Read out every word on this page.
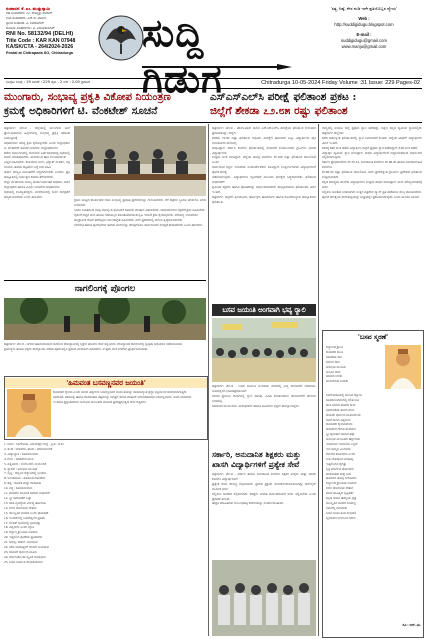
ಸಂಪಾದಕ: ಕೆ. ಎಂ. ಮುತ್ತುಸ್ವಾಮಿ
ಸಹ ಸಂಪಾದಕರು: ಎಂ. ಸೌಮ್ಯಶ್ರೀ ಕುಮಾರ್
ಉಪ ಸಂಪಾದಕರು: ಎನ್.ಬಿ. ಪಾಟೀಲ
ಸ್ಥಾನಿಕ ಸಂಪಾದಕ: ವಿ. ಶಿವಕುಮಾರ್
ಕಾನೂನು ಸಲಹೆಗಾರರು: ವಿ. ವಿಜಯಕುಮಾರ್
RNI No. 58132/94 (DELHI)
Title Code : KAR KAN 07948
KA/SK/CTA - 264/2024-2026
Postal at Chitrapada SO, Chitradurga	ಸುದ್ದಿ ಗಿಡುಗ
'ಸತ್ಯ, ನಿಷ್ಠೆ, ನೇರ ನುಡಿ ಇದೇ ಪ್ರತಿಯೊಬ್ಬರ ಧ್ಯೇಯ'
Web :
http://suddigidugu.blogspot.com
E-mail :
suddigidugu@gmail.com
www.manju@gmail.com
ಸಂಪುಟ ಸಂಖ್ಯೆ : 19 ಸಂಚಿಕೆ : 229 ಪುಟ : 2 ಬೆಲೆ : 2.00 ಪ್ರಕಟಣೆ	Chitradurga 10-05-2024 Friday Volume :31 Issue: 229 Pages-02
ಮುಂಗಾರು, ಸಂಭಾವ್ಯ ಪ್ರಕೃತಿ ವಿಕೋಪ ನಿಯಂತ್ರಣ
ಕ್ರಮಕ್ಕೆ ಅಧಿಕಾರಿಗಳಿಗೆ ಟಿ. ವೆಂಕಟೇಶ್ ಸೂಚನೆ
ಎಸ್‌ಎಸ್‌ಎಲ್‌ಸಿ ಪರೀಕ್ಷೆ ಫಲಿತಾಂಶ ಪ್ರಕಟ :
ಜಿಲ್ಲೆಗೆ ಶೇಕಡಾ ೭೨.೮೫ ರಷ್ಟು ಫಲಿತಾಂಶ
ಚಿತ್ರದುರ್ಗ: ಮೇ.9 - ಜಿಲ್ಲೆಯಲ್ಲಿ ಮುಂಗಾರು ಮಳೆ ಪ್ರಾರಂಭವಾಗುವ ಹಿನ್ನೆಲೆಯಲ್ಲಿ ಸಂಭಾವ್ಯ ಪ್ರಕೃತಿ ವಿಕೋಪ ನಿಯಂತ್ರಣಕ್ಕೆ
ಅಧಿಕಾರಿಗಳು ಅಗತ್ಯ ಕ್ರಮ ಕೈಗೊಳ್ಳಬೇಕು ಎಂದು ಜಿಲ್ಲಾಧಿಕಾರಿ ಟಿ. ವೆಂಕಟೇಶ್ ಸೂಚನೆ ನೀಡಿದರು. ಜಿಲ್ಲಾಧಿಕಾರಿಗಳ
ಕಚೇರಿ ಸಭಾಂಗಣದಲ್ಲಿ ಗುರುವಾರ ಏರ್ಪಡಿಸಲಾಗಿದ್ದ ಸಭೆಯಲ್ಲಿ ಅವರು ಮಾತನಾಡಿದರು. ಮಳೆಯಿಂದ ಹಾನಿ ಉಂಟಾಗದಂತೆ
ಎಚ್ಚರ ವಹಿಸಬೇಕು. ಕುಡಿಯುವ ನೀರು, ವಿದ್ಯುತ್ ಸಂಪರ್ಕ, ರಸ್ತೆ ಸಂಚಾರ, ಹಳೆಯ ಕಟ್ಟಡಗಳ ಬಗ್ಗೆ ನಿಗಾ ವಹಿಸಿ
ತುರ್ತು ಪರಿಸ್ಥಿತಿ ನಿರ್ವಹಣೆಗೆ ಸಿದ್ಧರಾಗಿರಬೇಕು ಎಂದರು. ಪ್ರತಿ ತಾಲ್ಲೂಕಿನಲ್ಲಿ ನಿಯಂತ್ರಣ ಕೊಠಡಿ ತೆರೆಯಬೇಕು.
ಜಿಲ್ಲಾ ಪಂಚಾಯಿತಿ ಮುಖ್ಯ ಕಾರ್ಯನಿರ್ವಾಹಕ ಅಧಿಕಾರಿ, ಅಪರ ಜಿಲ್ಲಾಧಿಕಾರಿ ಹಾಗೂ ವಿವಿಧ ಇಲಾಖೆಗಳ ಅಧಿಕಾರಿಗಳು
ಸಭೆಯಲ್ಲಿ ಉಪಸ್ಥಿತರಿದ್ದರು. ಮಳೆಗಾಲದಲ್ಲಿ ಜನರ ಸುರಕ್ಷತೆಗೆ ಆದ್ಯತೆ ನೀಡಬೇಕು ಎಂದು ತಿಳಿಸಿದರು.
ಗ್ರಾಮ ಮಟ್ಟದ ಕಾರ್ಯಪಡೆ ರಚಿಸಿ ಸಂಭಾವ್ಯ ಪ್ರವಾಹ ಪ್ರದೇಶಗಳನ್ನು ಗುರುತಿಸಬೇಕು. ಕೆರೆ ಕಟ್ಟೆಗಳ ಸ್ಥಿತಿಗತಿ ಪರಿಶೀಲಿಸಿ ವರದಿ ನೀಡಬೇಕು.
ಸಿಡಿಲು ಬಡಿತದಿಂದ ಸಾವು ನೋವು ಸಂಭವಿಸಿದರೆ ಕೂಡಲೇ ಪರಿಹಾರ ವಿತರಿಸಬೇಕು. ಜಾನುವಾರುಗಳ ರಕ್ಷಣೆಗೆ ಕ್ರಮ ವಹಿಸಬೇಕು.
ರೈತರಿಗೆ ಬಿತ್ತನೆ ಬೀಜ ಹಾಗೂ ರಸಗೊಬ್ಬರ ಕೊರತೆಯಾಗದಂತೆ ಕೃಷಿ ಇಲಾಖೆ ಕ್ರಮ ಕೈಗೊಳ್ಳಬೇಕು. ಆರೋಗ್ಯ ಇಲಾಖೆಯು
ಸಾಂಕ್ರಾಮಿಕ ರೋಗ ತಡೆಗಟ್ಟಲು ಮುಂಜಾಗ್ರತೆ ವಹಿಸಬೇಕು. ನಗರ ಪ್ರದೇಶದಲ್ಲಿ ಚರಂಡಿ ಸ್ವಚ್ಛಗೊಳಿಸಬೇಕು.
ನಗರಸಭೆ ಹಾಗೂ ಪುರಸಭೆಗಳು ಹಳೆಯ ಮರಗಳನ್ನು ತೆರವುಗೊಳಿಸಿ ಸಾರ್ವಜನಿಕರ ಸುರಕ್ಷತೆ ಕಾಪಾಡಬೇಕು ಎಂದು ಹೇಳಿದರು.
ನಾಗಲಿಂಗಕ್ಕೆ ಪೊಂಗಲ
ಚಿತ್ರದುರ್ಗ: ಮೇ.9 - ನಗರದ ಹೊರವಲಯದ ನಾಗಲಿಂಗ ದೇವಸ್ಥಾನದಲ್ಲಿ ಭಕ್ತರು ಪೊಂಗಲ ಸೇವೆ ಸಲ್ಲಿಸಿದರು. ದೇವಸ್ಥಾನದ ಆವರಣದಲ್ಲಿ ಸ್ವಚ್ಛತಾ ಅಭಿಯಾನ ನಡೆಸಲಾಯಿತು.
ಗ್ರಾಮಸ್ಥರು ಹಾಗೂ ಭಕ್ತರು ಪಾಲ್ಗೊಂಡು ವಿಶೇಷ ಪೂಜೆ ಸಲ್ಲಿಸಿ ಪ್ರಸಾದ ವಿನಿಯೋಗ ಮಾಡಿದರು. ಉತ್ತಮ ಮಳೆ ಬೆಳೆಗಾಗಿ ಪ್ರಾರ್ಥಿಸಲಾಯಿತು.
'ಹಿಮವಂತ ಬಸವಣ್ಣನವರ ಜಯಂತಿ'
ಕಾಯಕವೇ ಕೈಲಾಸ ಎಂದು ಸಾರಿದ ವಿಶ್ವಗುರು ಬಸವಣ್ಣನವರ ಜಯಂತಿಯನ್ನು ನಾಡಿನಾದ್ಯಂತ ಶ್ರದ್ಧಾ ಭಕ್ತಿಯಿಂದ ಆಚರಿಸಲಾಗುತ್ತಿದೆ.
ಸಮಾನತೆ, ಸಹಬಾಳ್ವೆ ಹಾಗೂ ದಾಸೋಹದ ತತ್ವಗಳನ್ನು ಜಗತ್ತಿಗೆ ಸಾರಿದ ಮಹಾನ್ ಮಾನವತಾವಾದಿ ಬಸವಣ್ಣನವರು. ಅವರ ವಚನಗಳು
ಇಂದಿಗೂ ಪ್ರಸ್ತುತವಾಗಿವೆ. ಅನುಭವ ಮಂಟಪದ ಮೂಲಕ ಪ್ರಜಾಪ್ರಭುತ್ವದ ಬೀಜ ಬಿತ್ತಿದರು.
1. ಜನನ : ಬಾಗೇವಾಡಿ, ವಿಜಯಪುರ ಜಿಲ್ಲೆ - ಕ್ರಿ.ಶ. 1131
2. ತಂದೆ : ಮಾದರಸ, ತಾಯಿ : ಮಾದಲಾಂಬಿಕೆ
3. ವಿದ್ಯಾಭ್ಯಾಸ : ಕೂಡಲಸಂಗಮ
4. ಗುರು : ಜಾತವೇದ ಮುನಿ
5. ಪತ್ನಿಯರು : ಗಂಗಾಂಬಿಕೆ, ನೀಲಾಂಬಿಕೆ
6. ಸ್ಥಾಪನೆ : ಅನುಭವ ಮಂಟಪ
7. ವೃತ್ತಿ : ಬಿಜ್ಜಳನ ಆಸ್ಥಾನದಲ್ಲಿ ಭಂಡಾರಿ
8. ಅಂಕಿತನಾಮ : ಕೂಡಲಸಂಗಮದೇವ
9. ತತ್ವ : ಕಾಯಕ ಮತ್ತು ದಾಸೋಹ
10. ಐಕ್ಯ : ಕೂಡಲಸಂಗಮ
11. ವಚನಗಳ ಮೂಲಕ ಸಮಾಜ ಸುಧಾರಣೆ
12. ಸ್ತ್ರೀ ಸಮಾನತೆಗೆ ಒತ್ತು
13. ಜಾತಿ ವ್ಯವಸ್ಥೆಯ ವಿರುದ್ಧ ಹೋರಾಟ
14. ಶರಣ ಚಳವಳಿಯ ನೇತಾರ
15. ಸಾಂಸ್ಕೃತಿಕ ನಾಯಕ ಎಂದು ಘೋಷಣೆ
16. ಲಂಡನ್‌ನಲ್ಲಿ ಬಸವೇಶ್ವರರ ಪ್ರತಿಮೆ
17. ಸಂಸತ್ ಭವನದಲ್ಲಿ ಭಾವಚಿತ್ರ
18. ವಿಶ್ವಗುರು ಎಂದು ಖ್ಯಾತಿ
19. ಕಲ್ಯಾಣ ಕ್ರಾಂತಿಯ ರೂವಾರಿ
20. ಇಷ್ಟಲಿಂಗ ಪೂಜೆಯ ಪ್ರತಿಪಾದಕ
21. ಅರಿವು, ಆಚಾರ, ಅನುಭಾವ
22. ಸಕಲ ಜೀವಾತ್ಮರಿಗೆ ಲೇಸನೇ ಬಯಸುವ
23. ದಯವೇ ಧರ್ಮದ ಮೂಲ
24. ಕರ್ನಾಟಕದ ಸಾಂಸ್ಕೃತಿಕ ರಾಯಭಾರಿ
25. ಬಸವ ಜಯಂತಿ ಶುಭಾಶಯಗಳು
ಚಿತ್ರದುರ್ಗ: ಮೇ.9 - 2023-24ನೇ ಸಾಲಿನ ಎಸ್‌ಎಸ್‌ಎಲ್‌ಸಿ ಪರೀಕ್ಷೆಯ ಫಲಿತಾಂಶ ಗುರುವಾರ ಪ್ರಕಟವಾಗಿದ್ದು, ಜಿಲ್ಲೆಗೆ
ಶೇಕಡಾ 72.85 ರಷ್ಟು ಫಲಿತಾಂಶ ಲಭಿಸಿದೆ. ಪರೀಕ್ಷೆಗೆ ಹಾಜರಾದ ಒಟ್ಟು ವಿದ್ಯಾರ್ಥಿಗಳ ಪೈಕಿ ಬಾಲಕಿಯರು ಮೇಲುಗೈ
ಸಾಧಿಸಿದ್ದಾರೆ. ಸರ್ಕಾರಿ ಶಾಲೆಗಳ ಫಲಿತಾಂಶದಲ್ಲಿ ಸುಧಾರಣೆ ಕಂಡುಬಂದಿದೆ. ಗ್ರಾಮೀಣ ಭಾಗದ ವಿದ್ಯಾರ್ಥಿಗಳು
ಉತ್ತಮ ಅಂಕ ಗಳಿಸಿದ್ದಾರೆ. ಜಿಲ್ಲೆಯ ಹಲವು ಶಾಲೆಗಳು ಶೇ.100 ರಷ್ಟು ಫಲಿತಾಂಶ ದಾಖಲಿಸಿವೆ ಎಂದು
ಸಾರ್ವಜನಿಕ ಶಿಕ್ಷಣ ಇಲಾಖೆಯ ಉಪನಿರ್ದೇಶಕರು ತಿಳಿಸಿದ್ದಾರೆ. ಉತ್ತೀರ್ಣರಾಗದ ವಿದ್ಯಾರ್ಥಿಗಳಿಗೆ ಪೂರಕ ಪರೀಕ್ಷೆ
ನಡೆಸಲಾಗುವುದು. ವಿದ್ಯಾರ್ಥಿಗಳು ಧೃತಿಗೆಡದೆ ಮುಂದಿನ ಪರೀಕ್ಷೆಗೆ ಸಿದ್ಧರಾಗಬೇಕು. ಫಲಿತಾಂಶ ಸುಧಾರಣೆಗೆ
ಶ್ರಮಿಸಿದ ಶಿಕ್ಷಕರು ಹಾಗೂ ಪೋಷಕರನ್ನು ಅಭಿನಂದಿಸಲಾಗಿದೆ. ತಾಲ್ಲೂಕುವಾರು ಫಲಿತಾಂಶದ ವಿವರ ಇಂತಿದೆ.
ಚಿತ್ರದುರ್ಗ, ಚಳ್ಳಕೆರೆ, ಹಿರಿಯೂರು, ಹೊಳಲ್ಕೆರೆ, ಹೊಸದುರ್ಗ ಹಾಗೂ ಮೊಳಕಾಲ್ಮೂರು ತಾಲ್ಲೂಕುಗಳ ಫಲಿತಾಂಶ.
ಬಸವ ಜಯಂತಿ ಅಂಗವಾಗಿ ಭವ್ಯ ರ್‍ಯಾಲಿ
ಚಿತ್ರದುರ್ಗ: ಮೇ.9 - ಬಸವ ಜಯಂತಿ ಅಂಗವಾಗಿ ನಗರದಲ್ಲಿ ಭವ್ಯ ಮೆರವಣಿಗೆ ನಡೆಯಿತು. ಬಸವೇಶ್ವರರ ಭಾವಚಿತ್ರದೊಂದಿಗೆ
ನಗರದ ಪ್ರಮುಖ ಬೀದಿಗಳಲ್ಲಿ ರ್‍ಯಾಲಿ ಸಾಗಿತು. ವಿವಿಧ ಕಲಾತಂಡಗಳು ಮೆರವಣಿಗೆಗೆ ಮೆರುಗು ನೀಡಿದವು.
ಸಮಾಜದ ಮುಖಂಡರು, ಮಠಾಧೀಶರು ಹಾಗೂ ಸಾವಿರಾರು ಭಕ್ತರು ಪಾಲ್ಗೊಂಡಿದ್ದರು.
ಸರ್ಕಾರಿ, ಅನುದಾನಿತ ಶಿಕ್ಷಕರು ಮತ್ತು
ಖಾಸಗಿ ವಿದ್ಯಾರ್ಥಿಗಳಿಗೆ ಪ್ರತ್ಯೇಕ ಸೇವೆ
ಚಿತ್ರದುರ್ಗ: ಮೇ.9 - ಸರ್ಕಾರಿ ಹಾಗೂ ಅನುದಾನಿತ ಶಾಲೆಗಳ ಶಿಕ್ಷಕರ ಮಕ್ಕಳು ಮತ್ತು ಖಾಸಗಿ ಶಾಲೆಗಳ ವಿದ್ಯಾರ್ಥಿಗಳಿಗೆ
ಪ್ರತ್ಯೇಕ ಸೇವಾ ಸೌಲಭ್ಯ ಕಲ್ಪಿಸಲಾಗಿದೆ. ಪ್ರವೇಶ ಪ್ರಕ್ರಿಯೆ ಸರಳೀಕರಣಗೊಳಿಸಲಾಗಿದ್ದು ಆನ್‌ಲೈನ್ ಮೂಲಕ ಅರ್ಜಿ
ಸಲ್ಲಿಸಲು ಅವಕಾಶ ಕಲ್ಪಿಸಲಾಗಿದೆ. ಆಸಕ್ತರು ನಿಗದಿತ ದಿನಾಂಕದೊಳಗೆ ಅರ್ಜಿ ಸಲ್ಲಿಸಬೇಕು ಎಂದು ಪ್ರಕಟಣೆ ತಿಳಿಸಿದೆ.
ಹೆಚ್ಚಿನ ಮಾಹಿತಿಗಾಗಿ ಸಂಬಂಧಪಟ್ಟ ಕಚೇರಿಯನ್ನು ಸಂಪರ್ಕಿಸಬಹುದು.
ರಾಜ್ಯದಲ್ಲಿ ಉಡುಪಿ ಜಿಲ್ಲೆ ಪ್ರಥಮ ಸ್ಥಾನ ಪಡೆದಿದ್ದು, ದಕ್ಷಿಣ ಕನ್ನಡ ದ್ವಿತೀಯ ಸ್ಥಾನದಲ್ಲಿದೆ. ಚಿತ್ರದುರ್ಗ ಜಿಲ್ಲೆಯು
ಕಳೆದ ವರ್ಷಕ್ಕಿಂತ ಫಲಿತಾಂಶದಲ್ಲಿ ಸ್ಥಾನ ಬದಲಾವಣೆ ಕಂಡಿದೆ. ಜಿಲ್ಲೆಯ ಟಾಪರ್ ವಿದ್ಯಾರ್ಥಿಗಳ ವಿವರ ಇಂತಿದೆ.
625ಕ್ಕೆ 620 ಅಂಕ ಪಡೆದ ವಿದ್ಯಾರ್ಥಿನಿ ಜಿಲ್ಲೆಗೆ ಪ್ರಥಮ ಸ್ಥಾನ ಪಡೆದಿದ್ದಾರೆ. 618 ಅಂಕ ಪಡೆದ
ವಿದ್ಯಾರ್ಥಿ ದ್ವಿತೀಯ ಸ್ಥಾನ ಗಳಿಸಿದ್ದಾರೆ. ಸಾಧಕ ವಿದ್ಯಾರ್ಥಿಗಳಿಗೆ ಜಿಲ್ಲಾಡಳಿತದಿಂದ ಅಭಿನಂದನೆ ಸಲ್ಲಿಸಲಾಗುವುದು.
ಸರ್ಕಾರಿ ಪ್ರೌಢಶಾಲೆಗಳು ಶೇ.70.12, ಅನುದಾನಿತ ಶಾಲೆಗಳು ಶೇ.68.45 ಹಾಗೂ ಅನುದಾನರಹಿತ ಶಾಲೆಗಳು
ಶೇ.82.30 ರಷ್ಟು ಫಲಿತಾಂಶ ದಾಖಲಿಸಿವೆ. ನಗರ ಪ್ರದೇಶಕ್ಕಿಂತ ಗ್ರಾಮೀಣ ಪ್ರದೇಶದ ಫಲಿತಾಂಶ ಉತ್ತಮವಾಗಿದೆ.
ಕನ್ನಡ ಮಾಧ್ಯಮ ಶಾಲೆಗಳ ವಿದ್ಯಾರ್ಥಿಗಳು ಉತ್ತಮ ಸಾಧನೆ ಮಾಡಿದ್ದಾರೆ. ಮರು ಮೌಲ್ಯಮಾಪನಕ್ಕೆ ಅರ್ಜಿ
ಸಲ್ಲಿಸಲು ಅವಕಾಶ ನೀಡಲಾಗಿದೆ. ಉತ್ತರ ಪತ್ರಿಕೆಗಳ ಸ್ಕ್ಯಾನ್ ಪ್ರತಿ ಪಡೆಯಲು ಶುಲ್ಕ ಪಾವತಿಸಬೇಕು.
ಪೂರಕ ಪರೀಕ್ಷೆಯ ವೇಳಾಪಟ್ಟಿಯನ್ನು ಶೀಘ್ರದಲ್ಲೇ ಪ್ರಕಟಿಸಲಾಗುವುದು ಎಂದು ಮಂಡಳಿ ತಿಳಿಸಿದೆ.
'ಬಸವ ಸ್ಮರಣೆ'
ಕಲ್ಯಾಣದ ಕ್ರಾಂತಿ
ಕಾಯಕದ ಕಾಂತಿ
ಸಮತೆಯ ಸಾರಿ
ಶರಣರ ದಾರಿ
ಅನುಭವ ಮಂಟಪ
ಅರಿವಿನ ದೀಪ
ವಚನದ ಬೆಳಕು
ಮನುಕುಲದ ಬದುಕು
ಬಾಗೇವಾಡಿಯಲ್ಲಿ ಜನಿಸಿದ ಜ್ಯೋತಿ
ಕೂಡಲಸಂಗಮದಲ್ಲಿ ಕಲಿತ ನೀತಿ
ಜಾತಿ ಭೇದವ ತೊರೆದ ಗುರು
ಸಮಾನತೆಯ ಸಾರಿದ ಶರಣ
ದಯವೇ ಧರ್ಮದ ಮೂಲವೆಂದು
ಜಗಕೆ ಸಾರಿದ ವಿಶ್ವಗುರು
ಕಾಯಕವೇ ಕೈಲಾಸವೆಂದು
ದುಡಿಮೆಗೆ ಗೌರವ ತಂದವರು
ಸ್ತ್ರೀ ಪುರುಷರ ಸಮಾನ ಹಕ್ಕು
ಅನುಭವ ಮಂಟಪದ ಹೆಗ್ಗುರುತು
ಇವನಾರವ ಇವನಾರವ ಎನ್ನದೆ
ಇವ ನಮ್ಮವ ಎಂದವರು
ಕಳಬೇಡ ಕೊಲಬೇಡ ಎಂದು
ನೀತಿ ಬೋಧಿಸಿದ ಮಹಾತ್ಮ
ಇಷ್ಟಲಿಂಗವ ಕೈಗಿತ್ತು
ಭಕ್ತಿ ಮಾರ್ಗವ ತೋರಿದರು
ದಾಸೋಹದ ದೀಕ್ಷೆ ನೀಡಿ
ಹಸಿದವರ ಹಸಿವು ನೀಗಿಸಿದರು
ಕಲ್ಯಾಣದ ಕ್ರಾಂತಿಯ ರೂವಾರಿ
ಶರಣ ಚಳವಳಿಯ ನೇತಾರ
ವಚನ ಸಾಹಿತ್ಯದ ಸೃಷ್ಟಿಕರ್ತ
ಕನ್ನಡ ನಾಡಿನ ಹೆಮ್ಮೆಯ ಪುತ್ರ
ಸಾಂಸ್ಕೃತಿಕ ನಾಯಕ ಬಸವಣ್ಣ
ನಮಗೆಲ್ಲ ದಾರಿದೀಪ
ಬಸವ ಜಯಂತಿಯ ಶುಭದಿನ
ಸ್ಮರಿಸೋಣ ಗುರುವಿನ ಚರಣ
ಕವಿ : ಆರ್. ಮ.
